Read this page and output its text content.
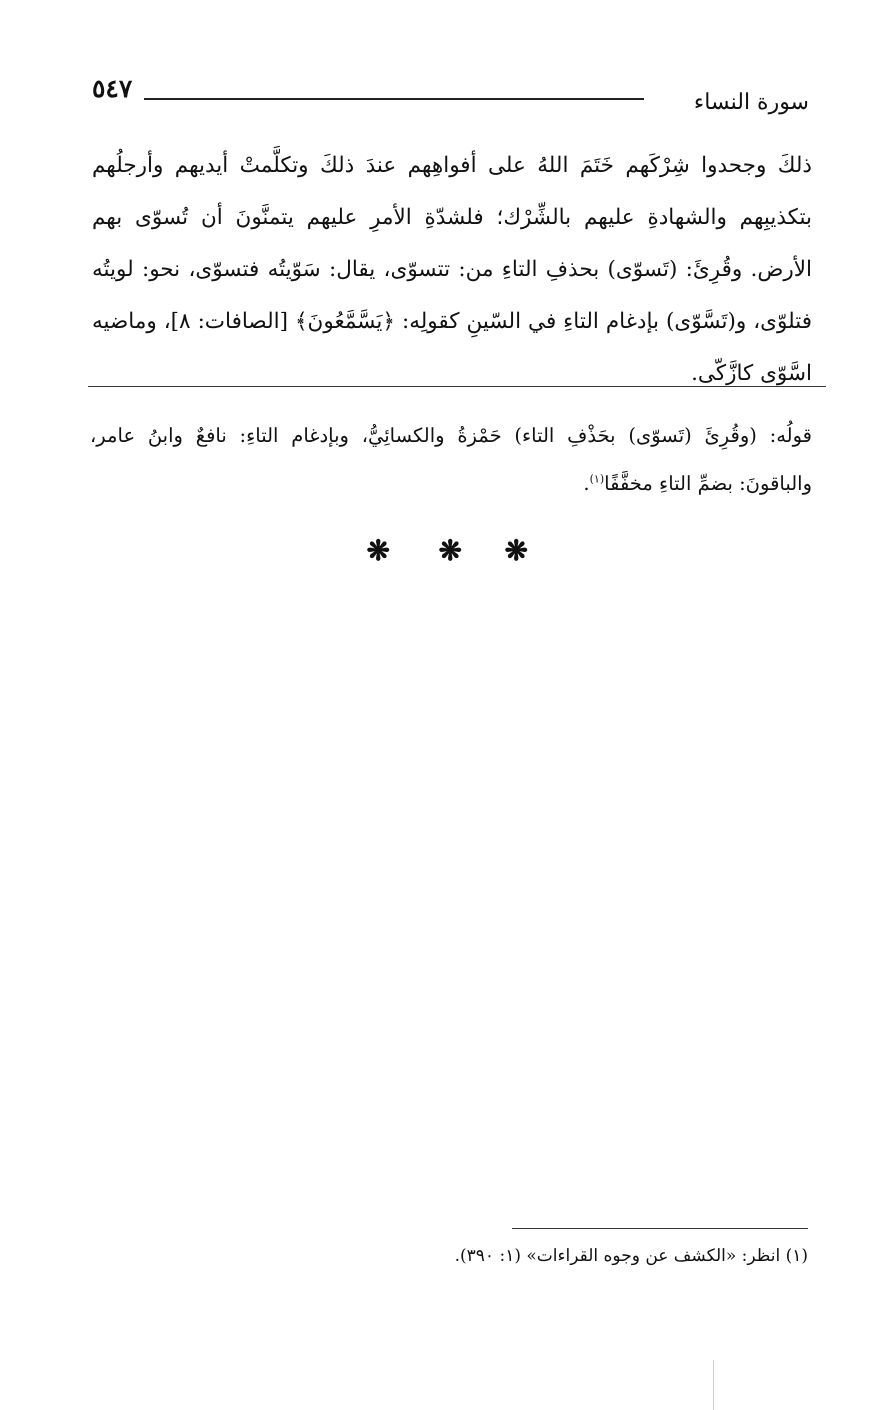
٥٤٧	سورة النساء

ذلكَ وجحدوا شِرْكَهم خَتَمَ اللهُ على أفواهِهم عندَ ذلكَ وتكلَّمتْ أيديهم وأرجلُهم بتكذيبِهم والشهادةِ عليهم بالشِّرْك؛ فلشدّةِ الأمرِ عليهم يتمنَّونَ أن تُسوّى بهم الأرض. وقُرِئَ: (تَسوّى) بحذفِ التاءِ من: تتسوّى، يقال: سَوّيتُه فتسوّى، نحو: لويتُه فتلوّى، و(تَسَّوّى) بإدغام التاءِ في السّينِ كقولِه: ﴿يَسَّمَّعُونَ﴾ [الصافات: ٨]، وماضيه اسَّوّى كازَّكّى.

قولُه: (وقُرِئَ (تَسوّى) بحَذْفِ التاء) حَمْزةُ والكسائِيُّ، وبإدغام التاءِ: نافعٌ وابنُ عامر، والباقونَ: بضمِّ التاءِ مخفَّفًا$^{(١)}$.

❋
❋
❋

(١) انظر: «الكشف عن وجوه القراءات» (١: ٣٩٠).
